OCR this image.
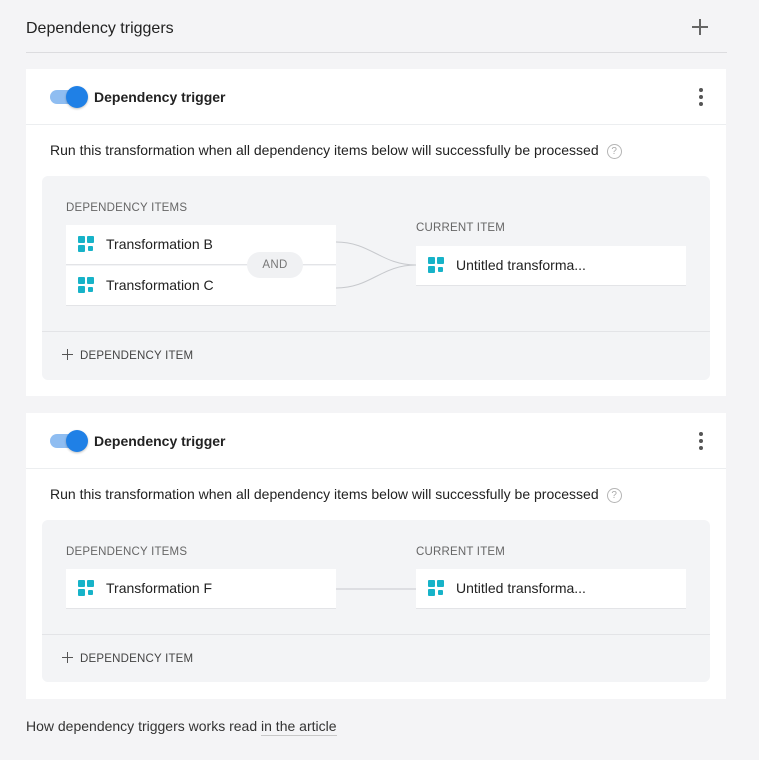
Dependency triggers
Dependency trigger
Run this transformation when all dependency items below will successfully be processed ?
DEPENDENCY ITEMS
CURRENT ITEM
Transformation B
Transformation C
AND	Untitled transforma...
DEPENDENCY ITEM
Dependency trigger
Run this transformation when all dependency items below will successfully be processed ?
DEPENDENCY ITEMS	CURRENT ITEM
Transformation F	Untitled transforma...
DEPENDENCY ITEM
How dependency triggers works read in the article
